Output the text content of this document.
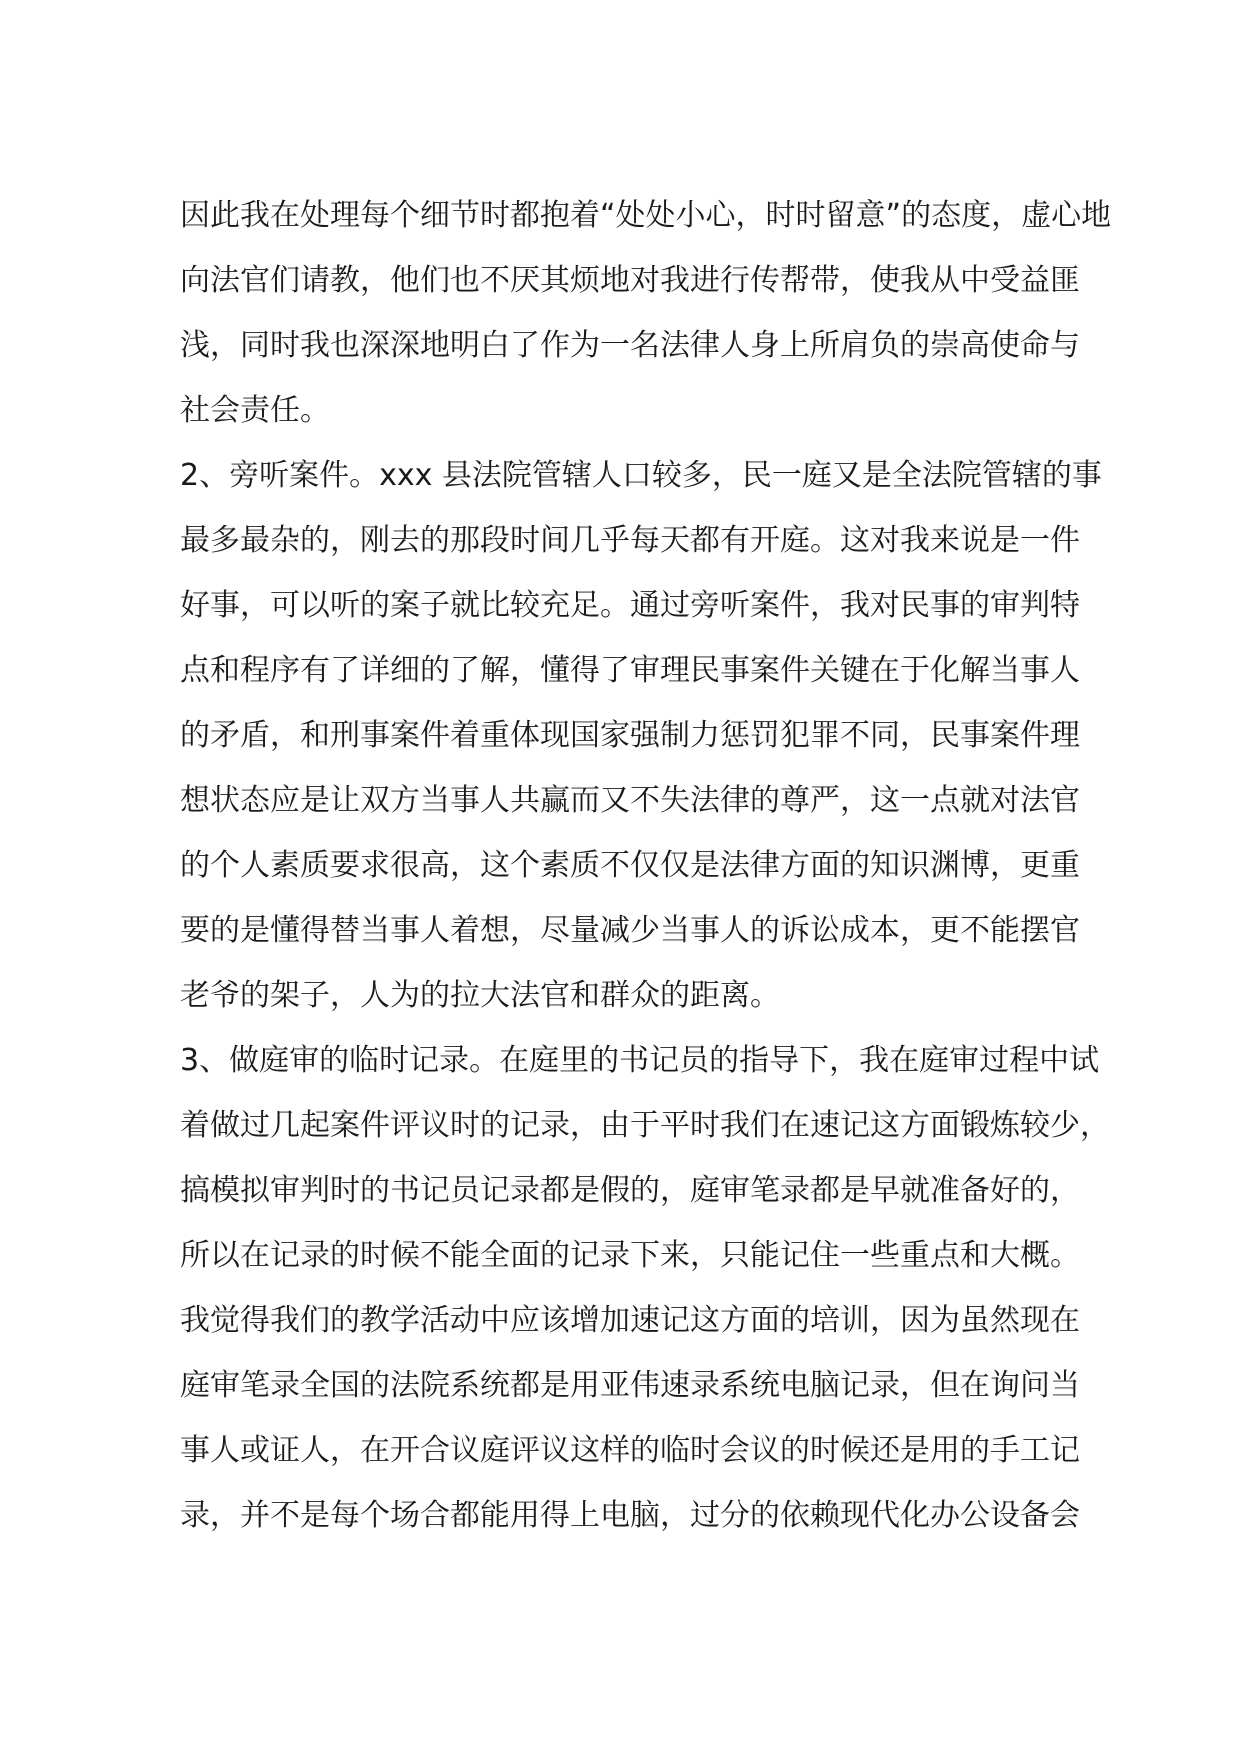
因此我在处理每个细节时都抱着“处处小心，时时留意”的态度，虚心地
向法官们请教，他们也不厌其烦地对我进行传帮带，使我从中受益匪
浅，同时我也深深地明白了作为一名法律人身上所肩负的崇高使命与
社会责任。
2、旁听案件。xxx 县法院管辖人口较多，民一庭又是全法院管辖的事
最多最杂的，刚去的那段时间几乎每天都有开庭。这对我来说是一件
好事，可以听的案子就比较充足。通过旁听案件，我对民事的审判特
点和程序有了详细的了解，懂得了审理民事案件关键在于化解当事人
的矛盾，和刑事案件着重体现国家强制力惩罚犯罪不同，民事案件理
想状态应是让双方当事人共赢而又不失法律的尊严，这一点就对法官
的个人素质要求很高，这个素质不仅仅是法律方面的知识渊博，更重
要的是懂得替当事人着想，尽量减少当事人的诉讼成本，更不能摆官
老爷的架子，人为的拉大法官和群众的距离。
3、做庭审的临时记录。在庭里的书记员的指导下，我在庭审过程中试
着做过几起案件评议时的记录，由于平时我们在速记这方面锻炼较少，
搞模拟审判时的书记员记录都是假的，庭审笔录都是早就准备好的，
所以在记录的时候不能全面的记录下来，只能记住一些重点和大概。
我觉得我们的教学活动中应该增加速记这方面的培训，因为虽然现在
庭审笔录全国的法院系统都是用亚伟速录系统电脑记录，但在询问当
事人或证人，在开合议庭评议这样的临时会议的时候还是用的手工记
录，并不是每个场合都能用得上电脑，过分的依赖现代化办公设备会
